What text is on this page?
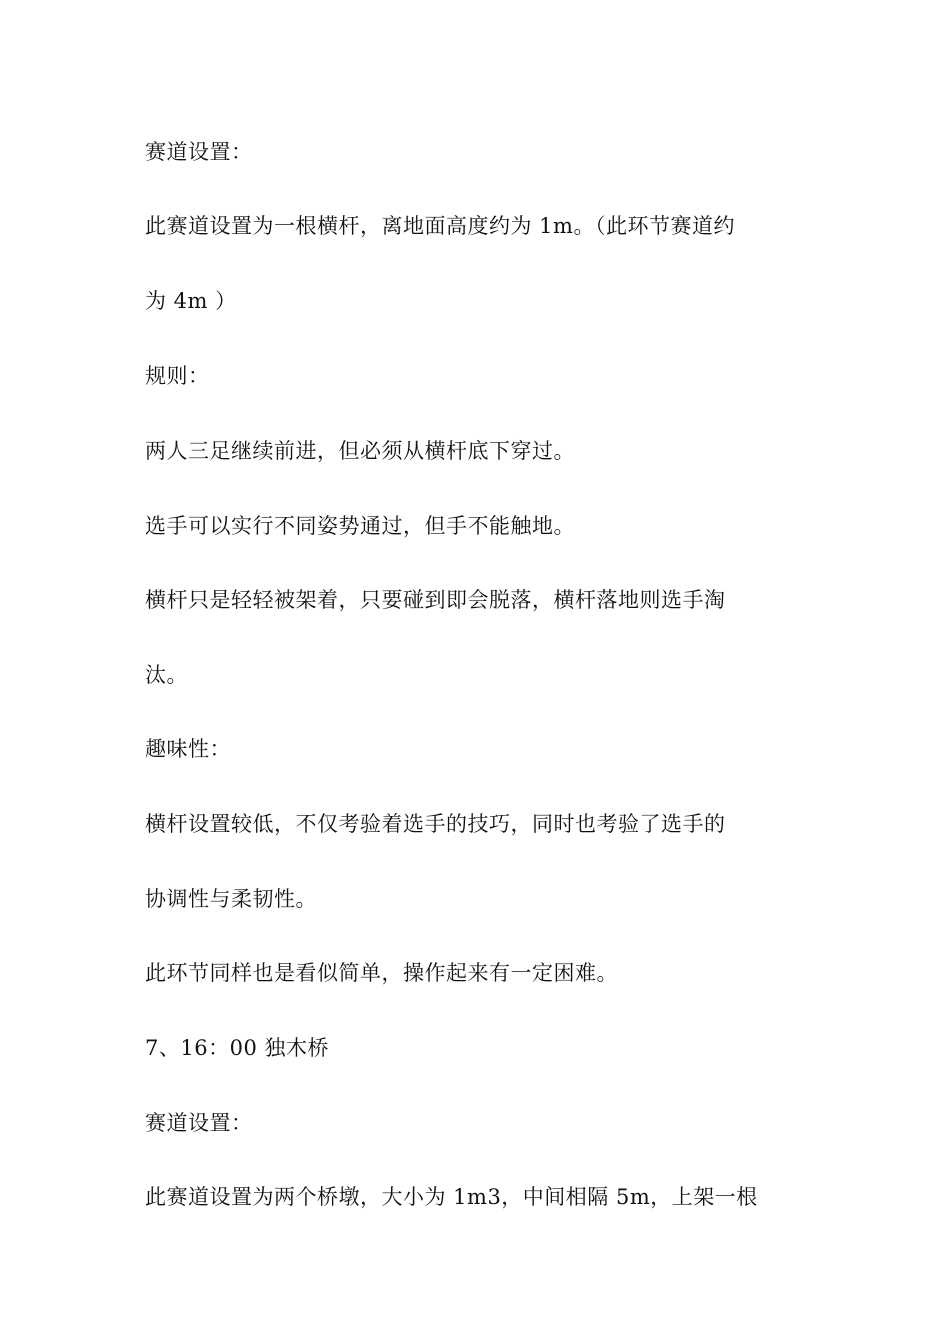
赛道设置：
此赛道设置为一根横杆，离地面高度约为 1m。（此环节赛道约
为 4m ）
规则：
两人三足继续前进，但必须从横杆底下穿过。
选手可以实行不同姿势通过，但手不能触地。
横杆只是轻轻被架着，只要碰到即会脱落，横杆落地则选手淘
汰。
趣味性：
横杆设置较低，不仅考验着选手的技巧，同时也考验了选手的
协调性与柔韧性。
此环节同样也是看似简单，操作起来有一定困难。
7、16：00 独木桥
赛道设置：
此赛道设置为两个桥墩，大小为 1m3，中间相隔 5m，上架一根
